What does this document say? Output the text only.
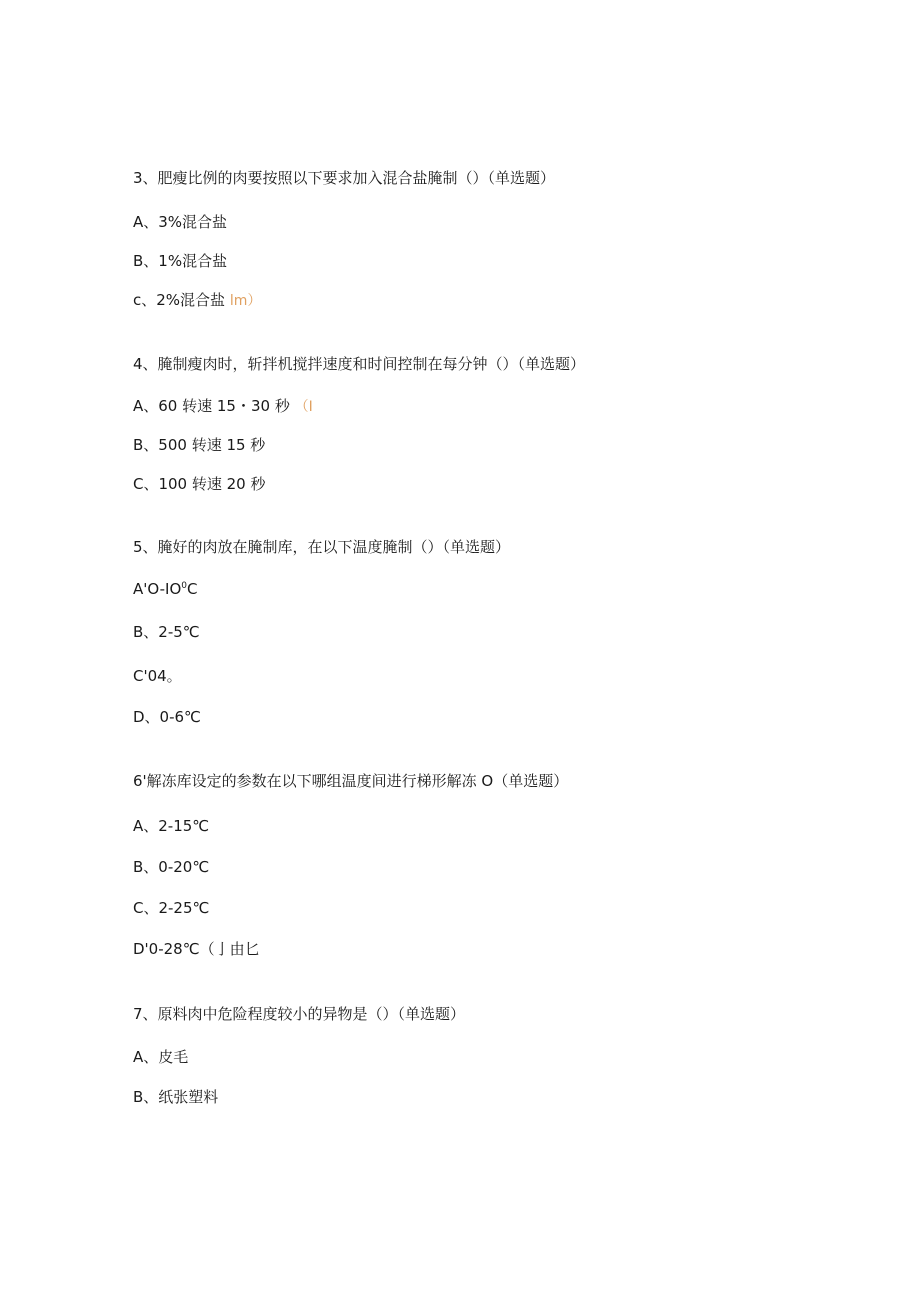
3、肥瘦比例的肉要按照以下要求加入混合盐腌制（）（单选题）
A、3%混合盐
B、1%混合盐
c、2%混合盐 lm）
4、腌制瘦肉时，斩拌机搅拌速度和时间控制在每分钟（）（单选题）
A、60 转速 15・30 秒 （I
B、500 转速 15 秒
C、100 转速 20 秒
5、腌好的肉放在腌制库，在以下温度腌制（）（单选题）
$A'O-IO^0C$
B、2-5℃
C'04。
D、0-6℃
6'解冻库设定的参数在以下哪组温度间进行梯形解冻 O（单选题）
A、2-15℃
B、0-20℃
C、2-25℃
D'0-28℃（亅由匕
7、原料肉中危险程度较小的异物是（）（单选题）
A、皮毛
B、纸张塑料
